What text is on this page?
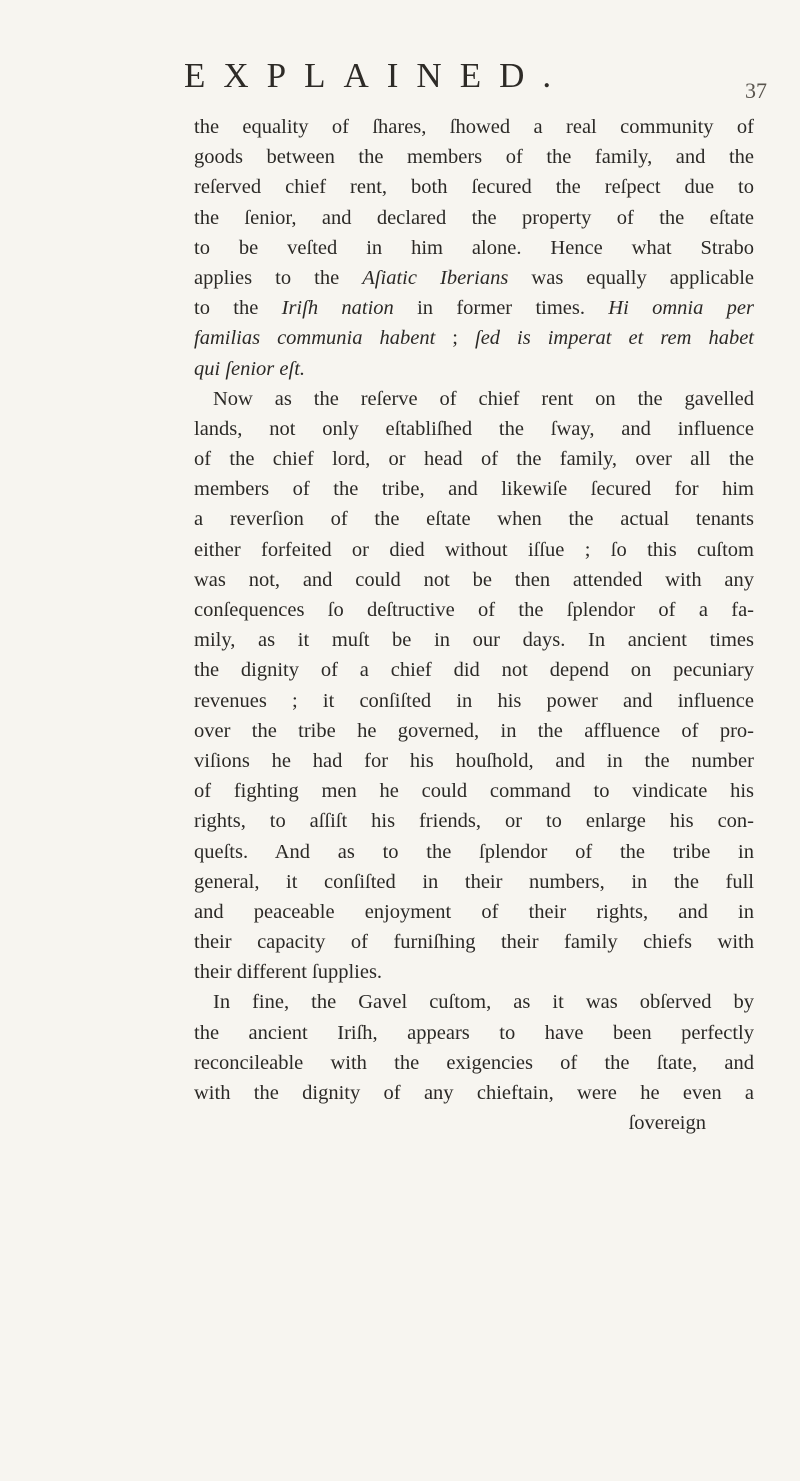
EXPLAINED.	37
the equality of ſhares, ſhowed a real community of
goods between the members of the family, and the
reſerved chief rent, both ſecured the reſpect due to
the ſenior, and declared the property of the eſtate
to be veſted in him alone. Hence what Strabo
applies to the Aſiatic Iberians was equally applicable
to the Iriſh nation in former times. Hi omnia per
familias communia habent ; ſed is imperat et rem habet
qui ſenior eſt.
Now as the reſerve of chief rent on the gavelled
lands, not only eſtabliſhed the ſway, and influence
of the chief lord, or head of the family, over all the
members of the tribe, and likewiſe ſecured for him
a reverſion of the eſtate when the actual tenants
either forfeited or died without iſſue ; ſo this cuſtom
was not, and could not be then attended with any
conſequences ſo deſtructive of the ſplendor of a fa-
mily, as it muſt be in our days. In ancient times
the dignity of a chief did not depend on pecuniary
revenues ; it conſiſted in his power and influence
over the tribe he governed, in the affluence of pro-
viſions he had for his houſhold, and in the number
of fighting men he could command to vindicate his
rights, to aſſiſt his friends, or to enlarge his con-
queſts. And as to the ſplendor of the tribe in
general, it conſiſted in their numbers, in the full
and peaceable enjoyment of their rights, and in
their capacity of furniſhing their family chiefs with
their different ſupplies.
In fine, the Gavel cuſtom, as it was obſerved by
the ancient Iriſh, appears to have been perfectly
reconcileable with the exigencies of the ſtate, and
with the dignity of any chieftain, were he even a
ſovereign
